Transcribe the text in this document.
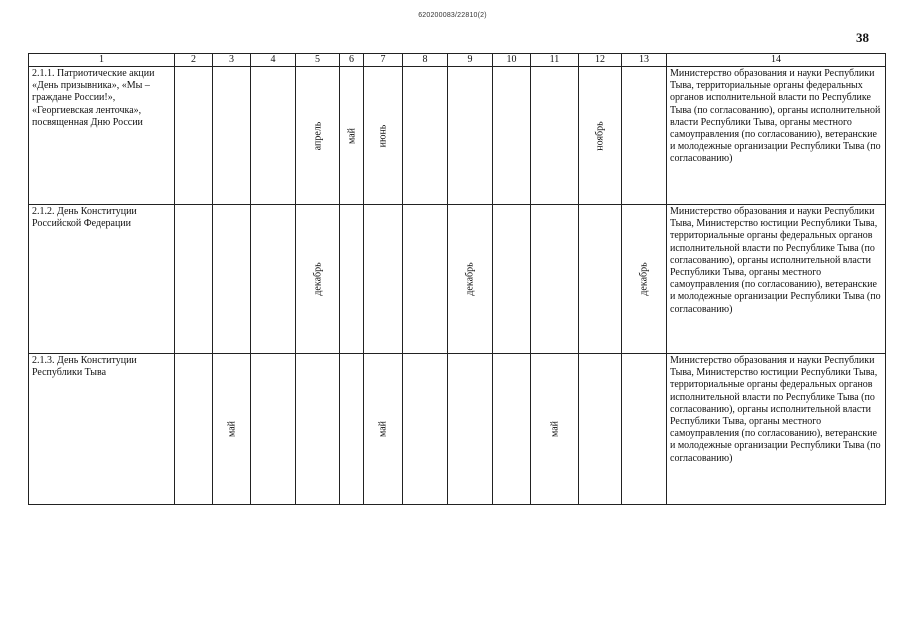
620200083/22810(2)
38
1	2	3	4	5	6	7	8	9	10	11	12	13	14

2.1.1. Патриотические акции «День призывника», «Мы – граждане России!», «Георгиевская ленточка», посвященная Дню России				апрель	май	июнь					ноябрь		Министерство образования и науки Республики Тыва, территориальные органы федеральных органов исполнительной власти по Республике Тыва (по согласованию), органы исполнительной власти Республики Тыва, органы местного самоуправления (по согласованию), ветеранские и молодежные организации Республики Тыва (по согласованию)

2.1.2. День Конституции Российской Федерации				декабрь				декабрь				декабрь	Министерство образования и науки Республики Тыва, Министерство юстиции Республики Тыва, территориальные органы федеральных органов исполнительной власти по Республике Тыва (по согласованию), органы исполнительной власти Республики Тыва, органы местного самоуправления (по согласованию), ветеранские и молодежные организации Республики Тыва (по согласованию)

2.1.3. День Конституции Республики Тыва		май				май				май			Министерство образования и науки Республики Тыва, Министерство юстиции Республики Тыва, территориальные органы федеральных органов исполнительной власти по Республике Тыва (по согласованию), органы исполнительной власти Республики Тыва, органы местного самоуправления (по согласованию), ветеранские и молодежные организации Республики Тыва (по согласованию)
